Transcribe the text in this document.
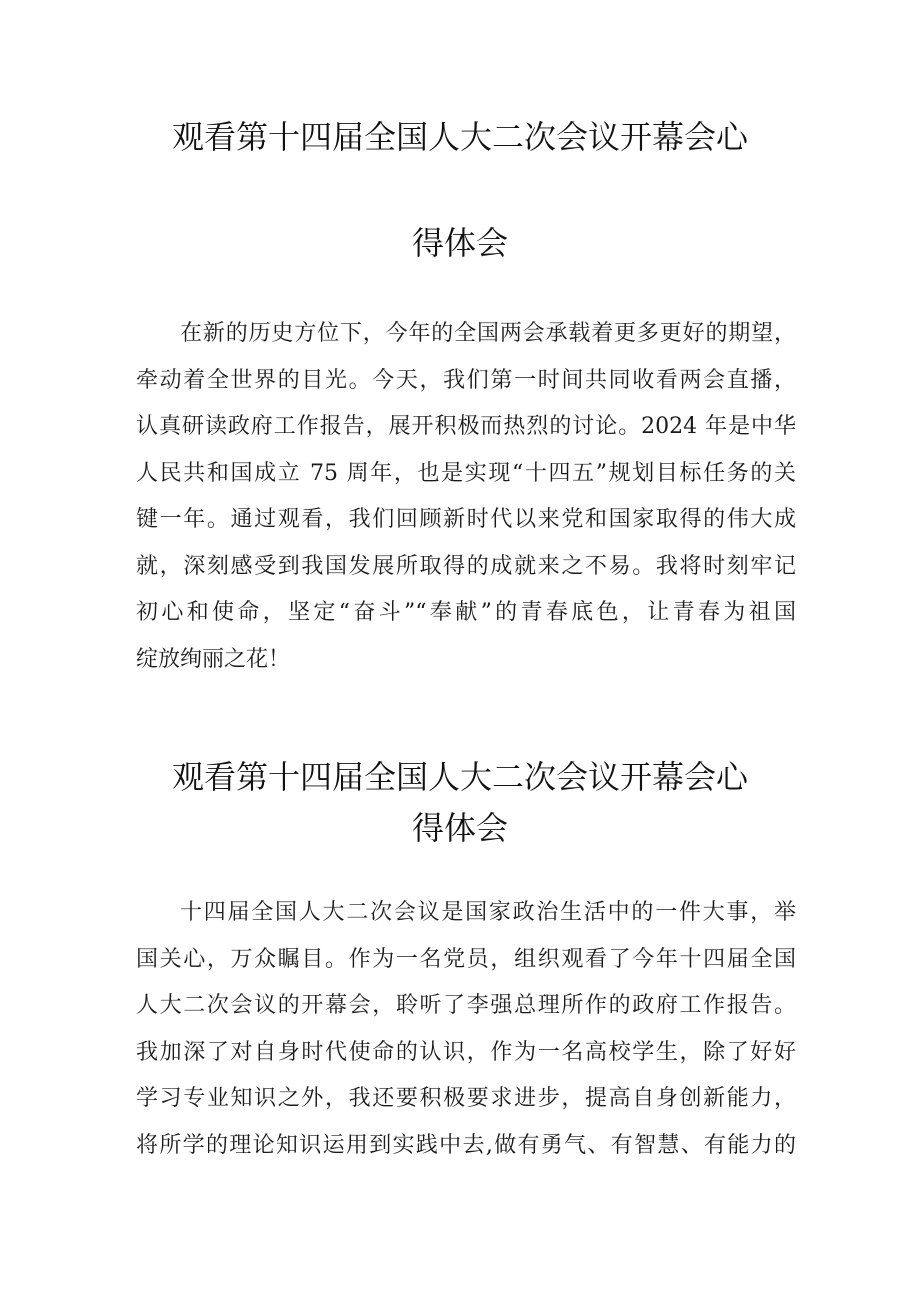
观看第十四届全国人大二次会议开幕会心
得体会
在新的历史方位下，今年的全国两会承载着更多更好的期望，
牵动着全世界的目光。今天，我们第一时间共同收看两会直播，
认真研读政府工作报告，展开积极而热烈的讨论。2024 年是中华
人民共和国成立 75 周年，也是实现“十四五”规划目标任务的关
键一年。通过观看，我们回顾新时代以来党和国家取得的伟大成
就，深刻感受到我国发展所取得的成就来之不易。我将时刻牢记
初心和使命，坚定“奋斗”“奉献”的青春底色，让青春为祖国
绽放绚丽之花！
观看第十四届全国人大二次会议开幕会心
得体会
十四届全国人大二次会议是国家政治生活中的一件大事，举
国关心，万众瞩目。作为一名党员，组织观看了今年十四届全国
人大二次会议的开幕会，聆听了李强总理所作的政府工作报告。
我加深了对自身时代使命的认识，作为一名高校学生，除了好好
学习专业知识之外，我还要积极要求进步，提高自身创新能力，
将所学的理论知识运用到实践中去,做有勇气、有智慧、有能力的
